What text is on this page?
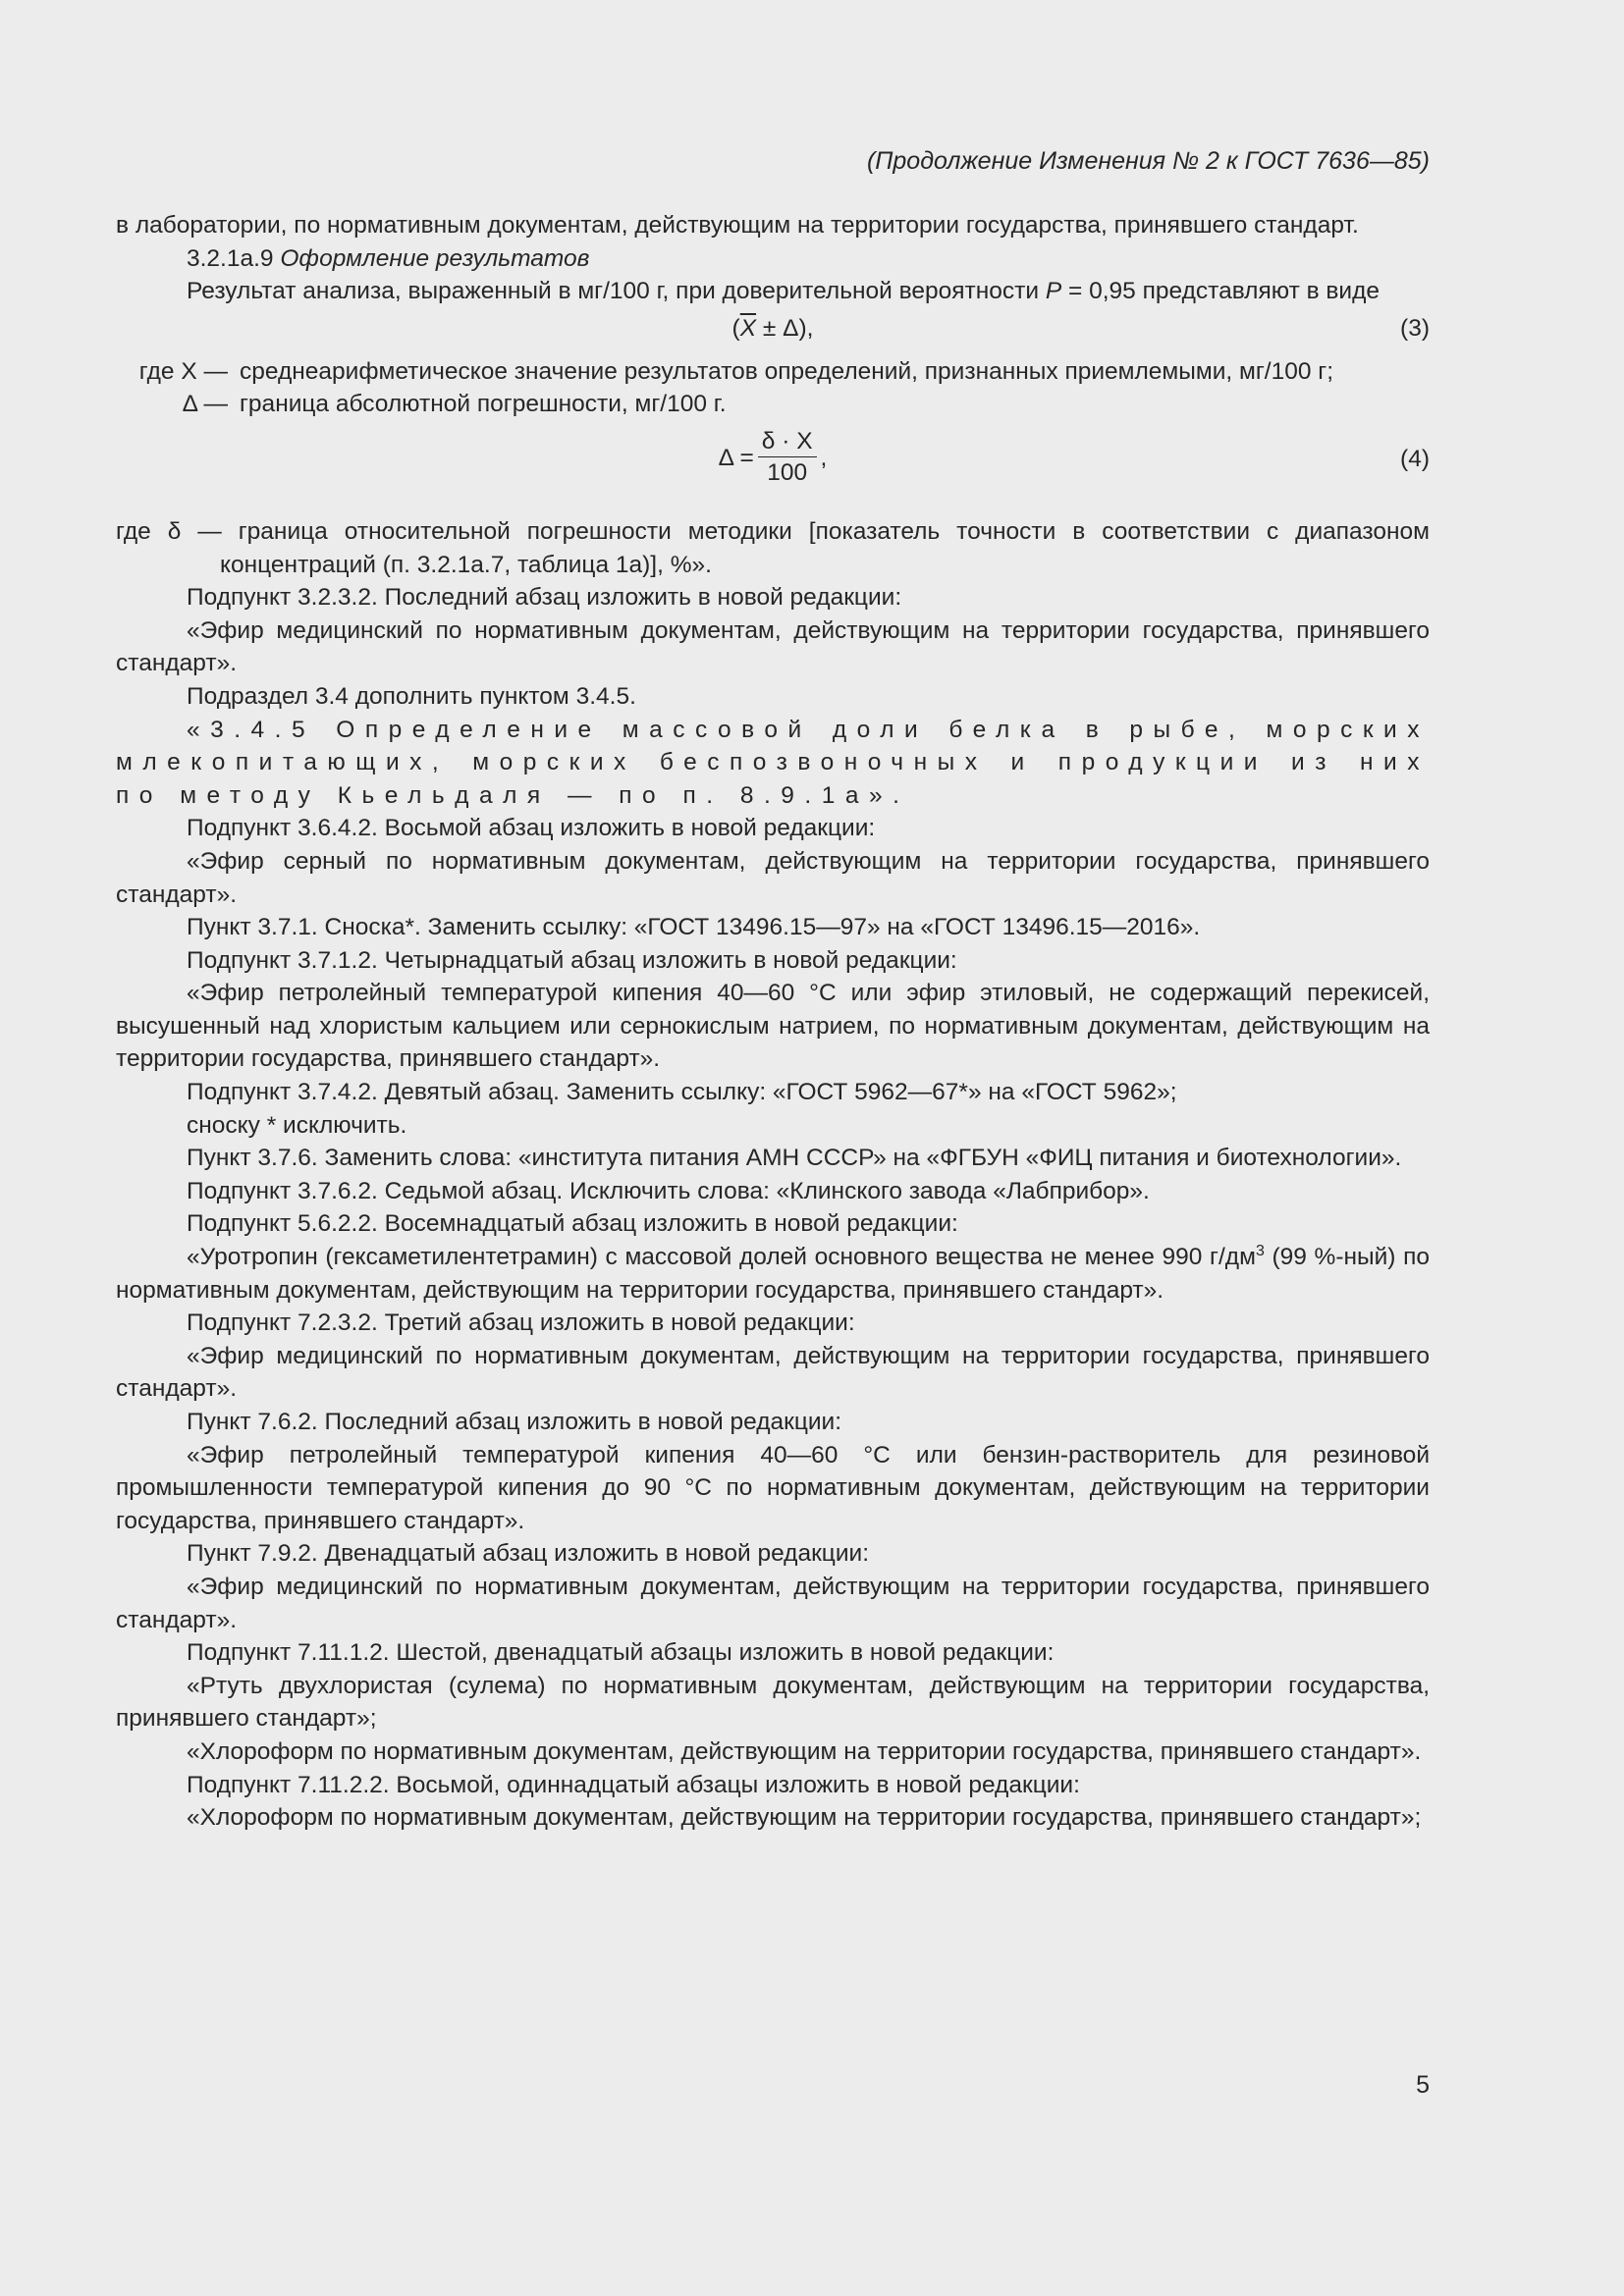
(Продолжение Изменения № 2 к ГОСТ 7636—85)

в лаборатории, по нормативным документам, действующим на территории государства, принявшего стандарт.

3.2.1а.9 Оформление результатов

Результат анализа, выраженный в мг/100 г, при доверительной вероятности P = 0,95 представляют в виде

$(\overline{X} \pm \Delta)$,	(3)
где X — среднеарифметическое значение результатов определений, признанных приемлемыми, мг/100 г;
Δ — граница абсолютной погрешности, мг/100 г.
$\Delta = \frac{\delta \cdot X}{100}$ ,	(4)

где δ — граница относительной погрешности методики [показатель точности в соответствии с диапазоном концентраций (п. 3.2.1а.7, таблица 1а)], %».

Подпункт 3.2.3.2. Последний абзац изложить в новой редакции:

«Эфир медицинский по нормативным документам, действующим на территории государства, принявшего стандарт».

Подраздел 3.4 дополнить пунктом 3.4.5.

«3.4.5 Определение массовой доли белка в рыбе, морских млекопитающих, морских беспозвоночных и продукции из них по методу Кьельдаля — по п. 8.9.1а».

Подпункт 3.6.4.2. Восьмой абзац изложить в новой редакции:

«Эфир серный по нормативным документам, действующим на территории государства, принявшего стандарт».

Пункт 3.7.1. Сноска*. Заменить ссылку: «ГОСТ 13496.15—97» на «ГОСТ 13496.15—2016».

Подпункт 3.7.1.2. Четырнадцатый абзац изложить в новой редакции:

«Эфир петролейный температурой кипения 40—60 °С или эфир этиловый, не содержащий перекисей, высушенный над хлористым кальцием или сернокислым натрием, по нормативным документам, действующим на территории государства, принявшего стандарт».

Подпункт 3.7.4.2. Девятый абзац. Заменить ссылку: «ГОСТ 5962—67*» на «ГОСТ 5962»;

сноску * исключить.

Пункт 3.7.6. Заменить слова: «института питания АМН СССР» на «ФГБУН «ФИЦ питания и биотехнологии».

Подпункт 3.7.6.2. Седьмой абзац. Исключить слова: «Клинского завода «Лабприбор».

Подпункт 5.6.2.2. Восемнадцатый абзац изложить в новой редакции:

«Уротропин (гексаметилентетрамин) с массовой долей основного вещества не менее 990 $г/дм^3$ (99 %-ный) по нормативным документам, действующим на территории государства, принявшего стандарт».

Подпункт 7.2.3.2. Третий абзац изложить в новой редакции:

«Эфир медицинский по нормативным документам, действующим на территории государства, принявшего стандарт».

Пункт 7.6.2. Последний абзац изложить в новой редакции:

«Эфир петролейный температурой кипения 40—60 °С или бензин-растворитель для резиновой промышленности температурой кипения до 90 °С по нормативным документам, действующим на территории государства, принявшего стандарт».

Пункт 7.9.2. Двенадцатый абзац изложить в новой редакции:

«Эфир медицинский по нормативным документам, действующим на территории государства, принявшего стандарт».

Подпункт 7.11.1.2. Шестой, двенадцатый абзацы изложить в новой редакции:

«Ртуть двухлористая (сулема) по нормативным документам, действующим на территории государства, принявшего стандарт»;

«Хлороформ по нормативным документам, действующим на территории государства, принявшего стандарт».

Подпункт 7.11.2.2. Восьмой, одиннадцатый абзацы изложить в новой редакции:

«Хлороформ по нормативным документам, действующим на территории государства, принявшего стандарт»;

5
